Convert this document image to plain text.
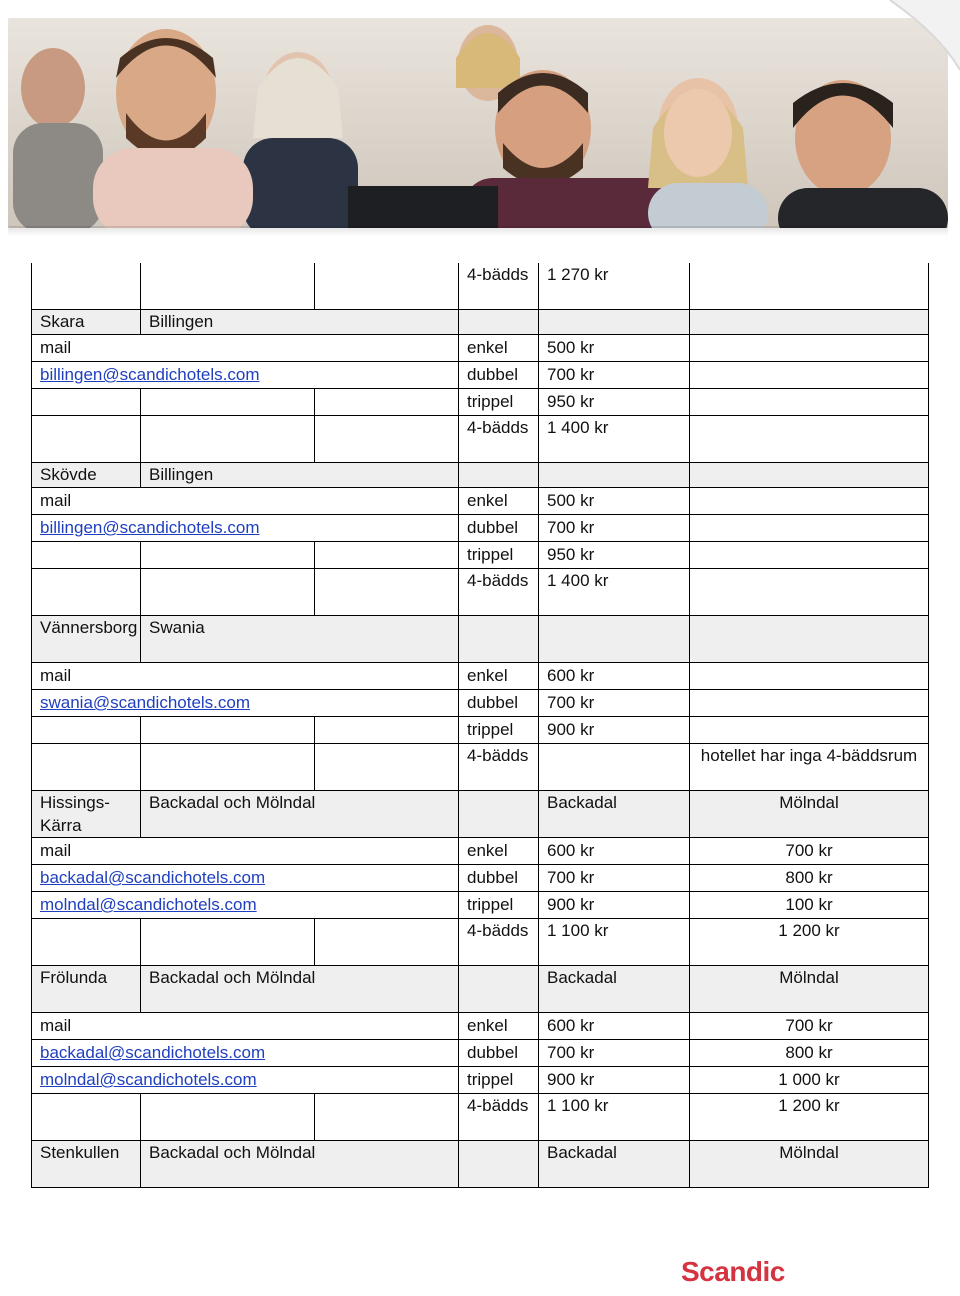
			4-bädds	1 270 kr	
Skara	Billingen				
mail			enkel	500 kr	
billingen@scandichotels.com			dubbel	700 kr	
			trippel	950 kr	
			4-bädds	1 400 kr	
Skövde	Billingen				
mail			enkel	500 kr	
billingen@scandichotels.com			dubbel	700 kr	
			trippel	950 kr	
			4-bädds	1 400 kr	
Vännersborg	Swania				
mail			enkel	600 kr	
swania@scandichotels.com			dubbel	700 kr	
			trippel	900 kr	
			4-bädds		hotellet har inga 4-bäddsrum
Hissings-Kärra	Backadal och Mölndal			Backadal	Mölndal
mail			enkel	600 kr	700 kr
backadal@scandichotels.com			dubbel	700 kr	800 kr
molndal@scandichotels.com			trippel	900 kr	100 kr
			4-bädds	1 100 kr	1 200 kr
Frölunda	Backadal och Mölndal			Backadal	Mölndal
mail			enkel	600 kr	700 kr
backadal@scandichotels.com			dubbel	700 kr	800 kr
molndal@scandichotels.com			trippel	900 kr	1 000 kr
			4-bädds	1 100 kr	1 200 kr
Stenkullen	Backadal och Mölndal			Backadal	Mölndal
Scandic
